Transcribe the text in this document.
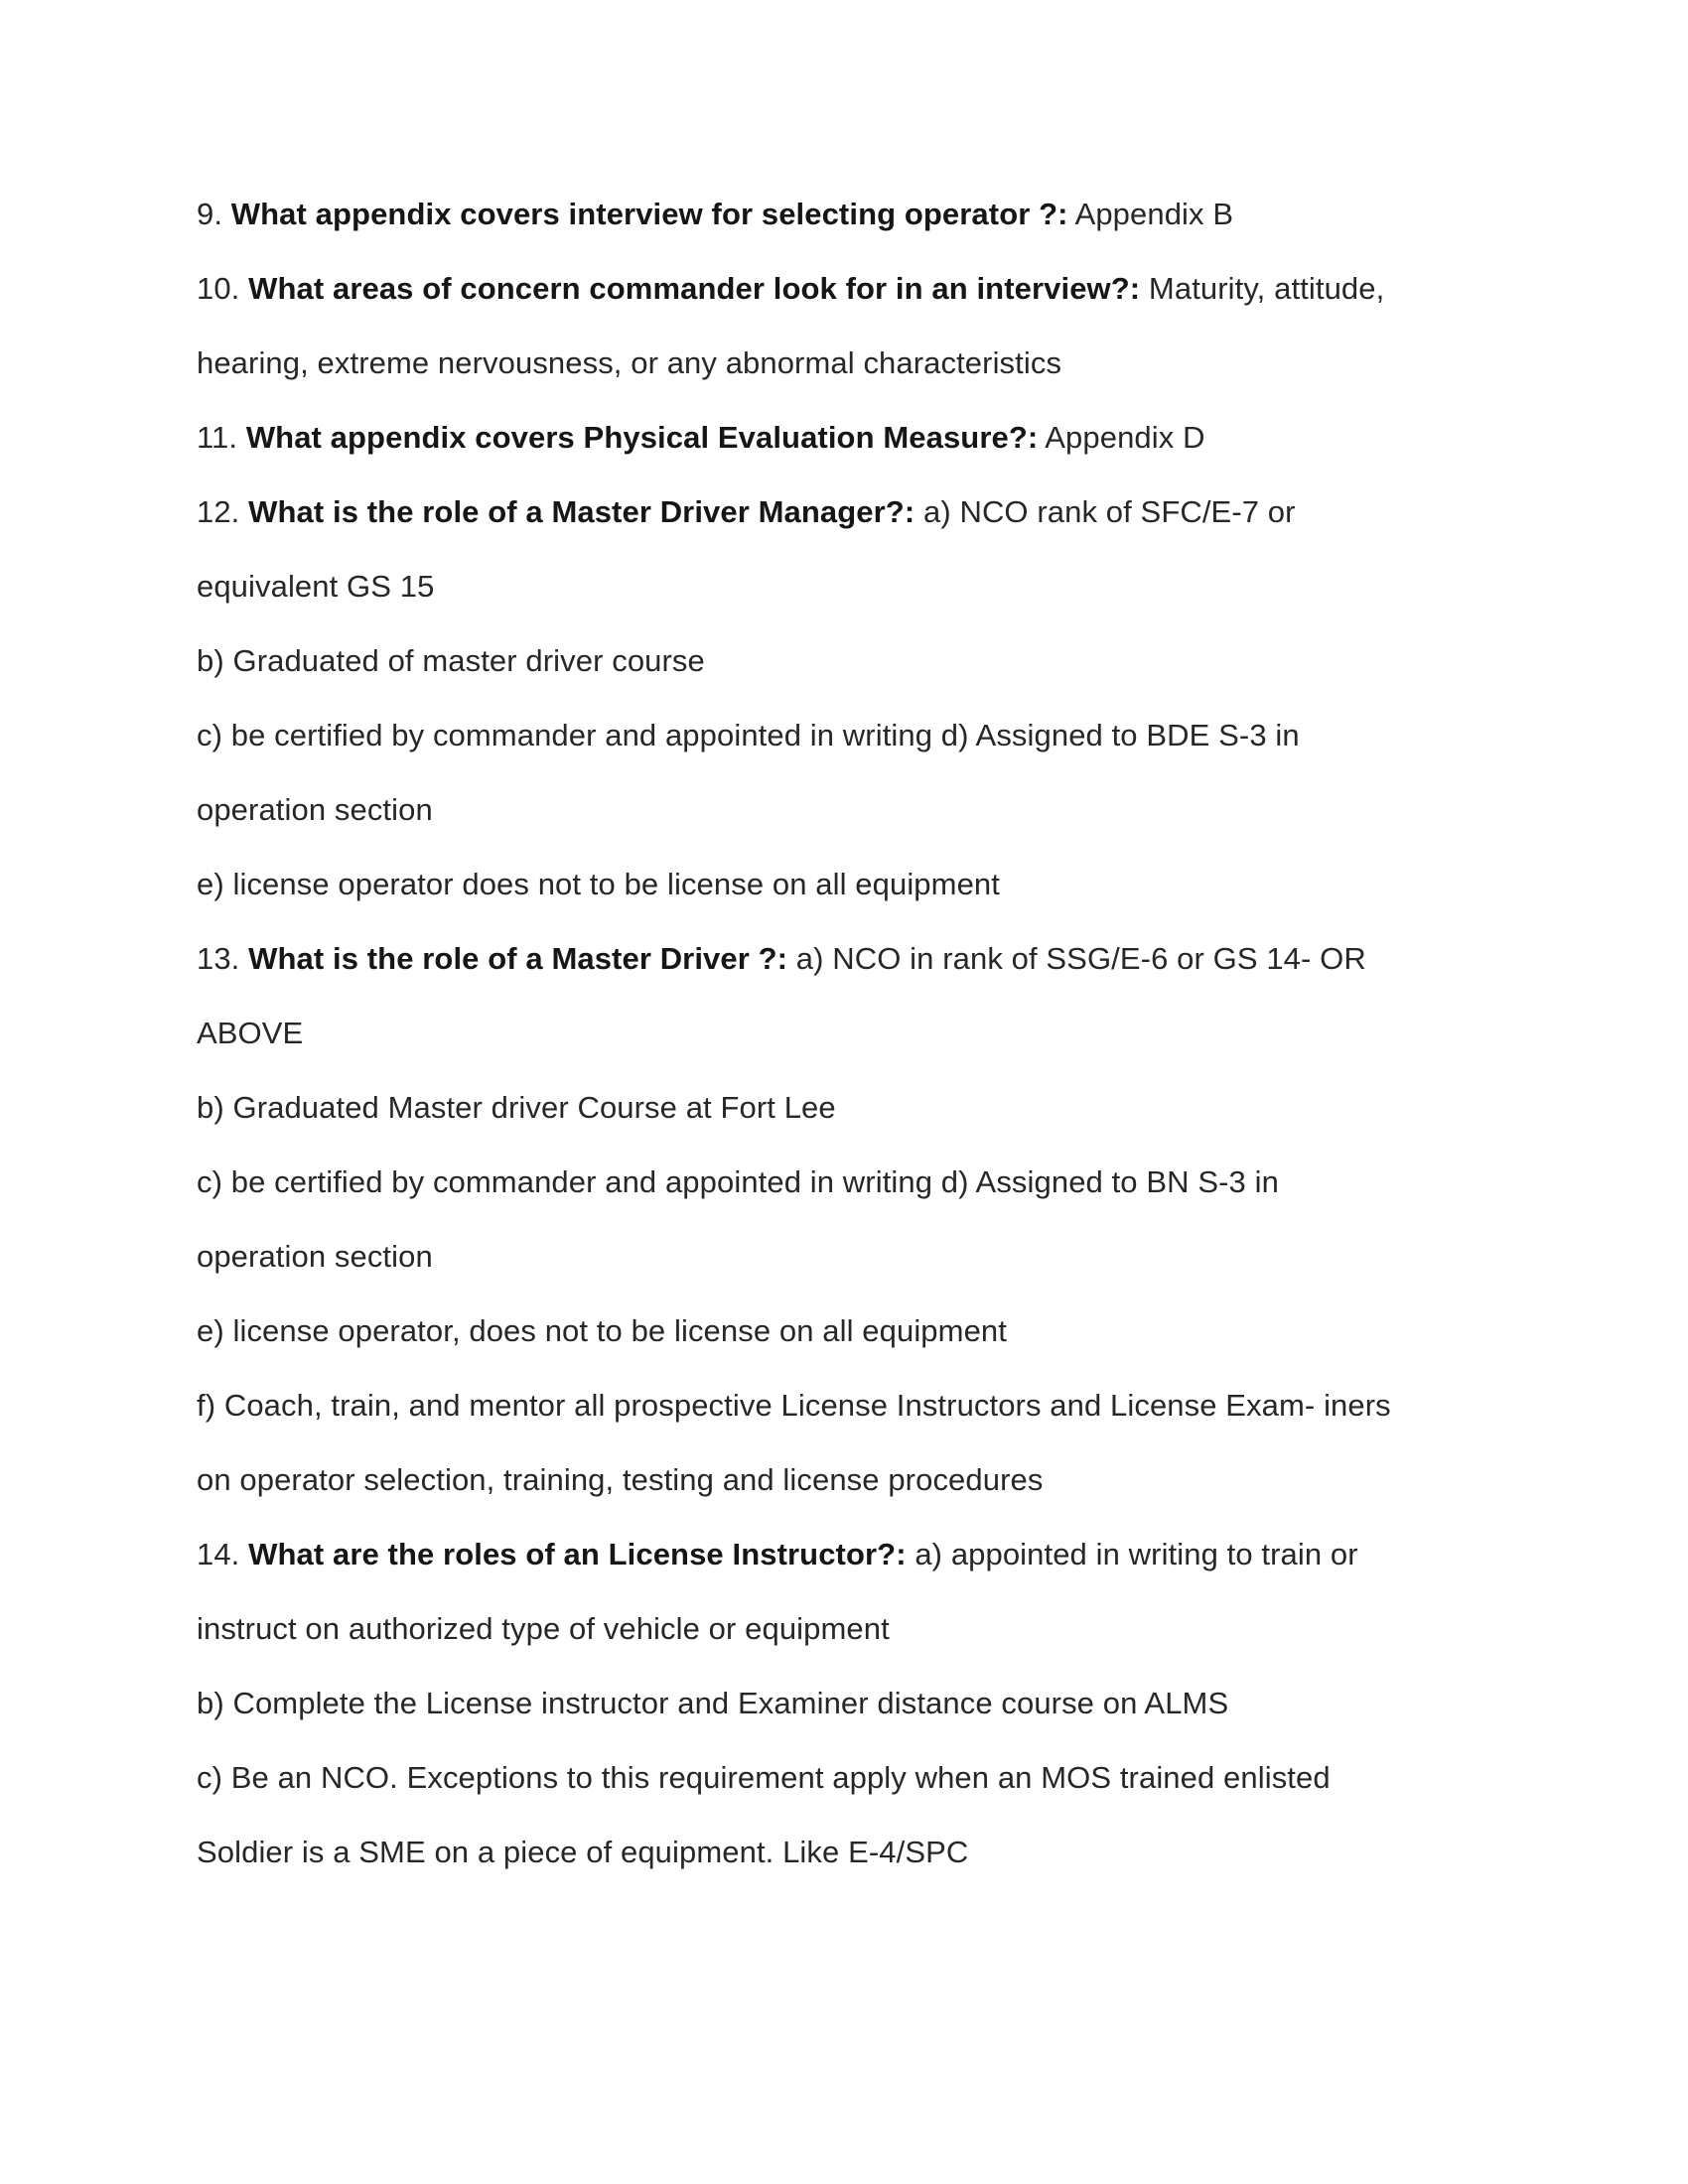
9. What appendix covers interview for selecting operator ?: Appendix B
10. What areas of concern commander look for in an interview?: Maturity, attitude,
hearing, extreme nervousness, or any abnormal characteristics
11. What appendix covers Physical Evaluation Measure?: Appendix D
12. What is the role of a Master Driver Manager?: a) NCO rank of SFC/E-7 or
equivalent GS 15
b) Graduated of master driver course
c) be certified by commander and appointed in writing d) Assigned to BDE S-3 in
operation section
e) license operator does not to be license on all equipment
13. What is the role of a Master Driver ?: a) NCO in rank of SSG/E-6 or GS 14- OR
ABOVE
b) Graduated Master driver Course at Fort Lee
c) be certified by commander and appointed in writing d) Assigned to BN S-3 in
operation section
e) license operator, does not to be license on all equipment
f) Coach, train, and mentor all prospective License Instructors and License Exam- iners
on operator selection, training, testing and license procedures
14. What are the roles of an License Instructor?: a) appointed in writing to train or
instruct on authorized type of vehicle or equipment
b) Complete the License instructor and Examiner distance course on ALMS
c) Be an NCO. Exceptions to this requirement apply when an MOS trained enlisted
Soldier is a SME on a piece of equipment. Like E-4/SPC
